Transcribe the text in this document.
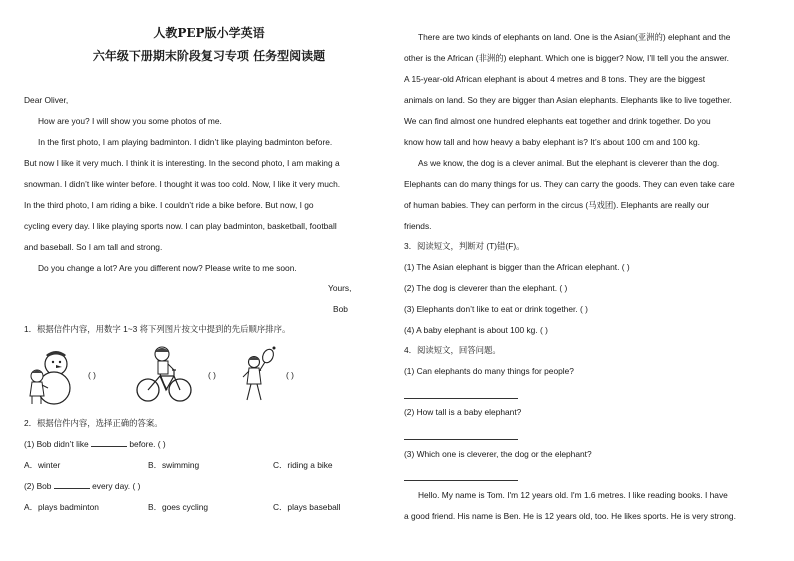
人教PEP版小学英语
六年级下册期末阶段复习专项 任务型阅读题
Dear Oliver,
How are you? I will show you some photos of me.
In the first photo, I am playing badminton. I didn’t like playing badminton before.
But now I like it very much. I think it is interesting. In the second photo, I am making a
snowman. I didn’t like winter before. I thought it was too cold. Now, I like it very much.
In the third photo, I am riding a bike. I couldn’t ride a bike before. But now, I go
cycling every day. I like playing sports now. I can play badminton, basketball, football
and baseball. So I am tall and strong.
Do you change a lot? Are you different now? Please write to me soon.
Yours,
Bob
1．根据信件内容，用数字 1~3 将下列图片按文中提到的先后顺序排序。
2．根据信件内容，选择正确的答案。
(1) Bob didn’t like	before. ( )
A．winter	B．swimming	C．riding a bike
(2) Bob	every day. ( )
A．plays badminton	B．goes cycling	C．plays baseball
( )	( )	( )
There are two kinds of elephants on land. One is the Asian(亚洲的) elephant and the
other is the African (非洲的) elephant. Which one is bigger? Now, I’ll tell you the answer.
A 15-year-old African elephant is about 4 metres and 8 tons. They are the biggest
animals on land. So they are bigger than Asian elephants. Elephants like to live together.
We can find almost one hundred elephants eat together and drink together. Do you
know how tall and how heavy a baby elephant is? It’s about 100 cm and 100 kg.
As we know, the dog is a clever animal. But the elephant is cleverer than the dog.
Elephants can do many things for us. They can carry the goods. They can even take care
of human babies. They can perform in the circus (马戏团). Elephants are really our
friends.
3．阅读短文，判断对 (T)错(F)。
(1) The Asian elephant is bigger than the African elephant. ( )
(2) The dog is cleverer than the elephant. ( )
(3) Elephants don’t like to eat or drink together. ( )
(4) A baby elephant is about 100 kg. ( )
4．阅读短文，回答问题。
(1) Can elephants do many things for people?
(2) How tall is a baby elephant?
(3) Which one is cleverer, the dog or the elephant?
Hello. My name is Tom. I'm 12 years old. I'm 1.6 metres. I like reading books. I have
a good friend. His name is Ben. He is 12 years old, too. He likes sports. He is very strong.
